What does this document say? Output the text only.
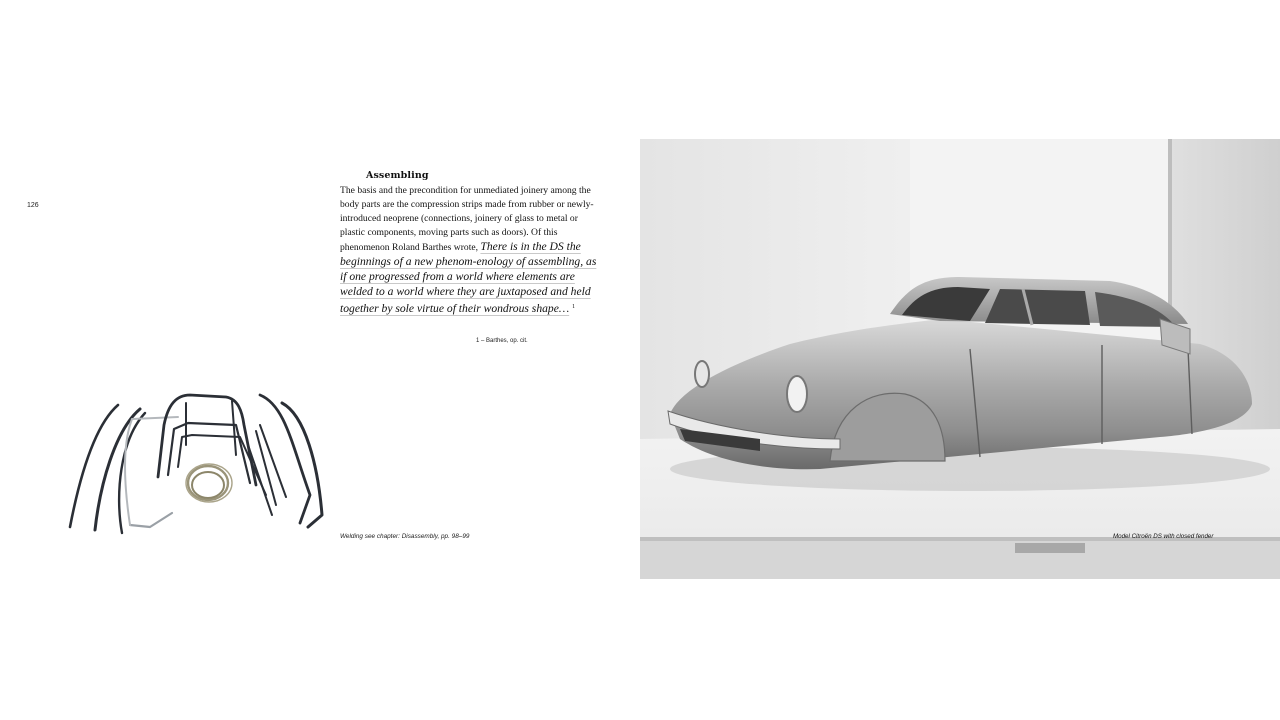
126
Assembling

The basis and the precondition for unmediated joinery among the body parts are the compression strips made from rubber or newly-introduced neoprene (connections, joinery of glass to metal or plastic components, moving parts such as doors). Of this phenomenon Roland Barthes wrote, There is in the DS the beginnings of a new phenom-enology of assembling, as if one progressed from a world where elements are welded to a world where they are juxtaposed and held together by sole virtue of their wondrous shape… $^1$

1 – Barthes, op. cit.
Welding see chapter: Disassembly, pp. 98–99	Model Citroën DS with closed fender
